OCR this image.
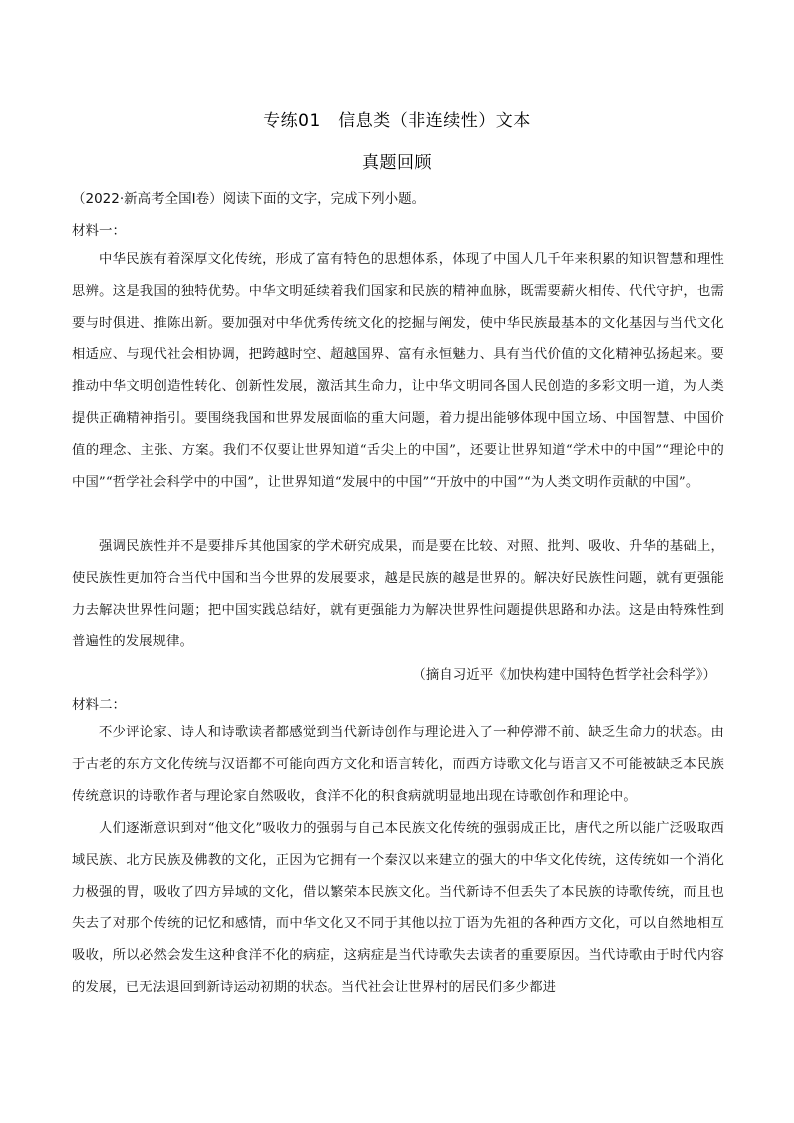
专练01　信息类（非连续性）文本
真题回顾
（2022·新高考全国Ⅰ卷）阅读下面的文字，完成下列小题。
材料一：
中华民族有着深厚文化传统，形成了富有特色的思想体系，体现了中国人几千年来积累的知识智慧和理性思辨。这是我国的独特优势。中华文明延续着我们国家和民族的精神血脉，既需要薪火相传、代代守护，也需要与时俱进、推陈出新。要加强对中华优秀传统文化的挖掘与阐发，使中华民族最基本的文化基因与当代文化相适应、与现代社会相协调，把跨越时空、超越国界、富有永恒魅力、具有当代价值的文化精神弘扬起来。要推动中华文明创造性转化、创新性发展，激活其生命力，让中华文明同各国人民创造的多彩文明一道，为人类提供正确精神指引。要围绕我国和世界发展面临的重大问题，着力提出能够体现中国立场、中国智慧、中国价值的理念、主张、方案。我们不仅要让世界知道“舌尖上的中国”，还要让世界知道“学术中的中国”“理论中的中国”“哲学社会科学中的中国”，让世界知道“发展中的中国”“开放中的中国”“为人类文明作贡献的中国”。
强调民族性并不是要排斥其他国家的学术研究成果，而是要在比较、对照、批判、吸收、升华的基础上，使民族性更加符合当代中国和当今世界的发展要求，越是民族的越是世界的。解决好民族性问题，就有更强能力去解决世界性问题；把中国实践总结好，就有更强能力为解决世界性问题提供思路和办法。这是由特殊性到普遍性的发展规律。
（摘自习近平《加快构建中国特色哲学社会科学》）
材料二：
不少评论家、诗人和诗歌读者都感觉到当代新诗创作与理论进入了一种停滞不前、缺乏生命力的状态。由于古老的东方文化传统与汉语都不可能向西方文化和语言转化，而西方诗歌文化与语言又不可能被缺乏本民族传统意识的诗歌作者与理论家自然吸收，食洋不化的积食病就明显地出现在诗歌创作和理论中。
人们逐渐意识到对“他文化”吸收力的强弱与自己本民族文化传统的强弱成正比，唐代之所以能广泛吸取西域民族、北方民族及佛教的文化，正因为它拥有一个秦汉以来建立的强大的中华文化传统，这传统如一个消化力极强的胃，吸收了四方异域的文化，借以繁荣本民族文化。当代新诗不但丢失了本民族的诗歌传统，而且也失去了对那个传统的记忆和感情，而中华文化又不同于其他以拉丁语为先祖的各种西方文化，可以自然地相互吸收，所以必然会发生这种食洋不化的病症，这病症是当代诗歌失去读者的重要原因。当代诗歌由于时代内容的发展，已无法退回到新诗运动初期的状态。当代社会让世界村的居民们多少都进
